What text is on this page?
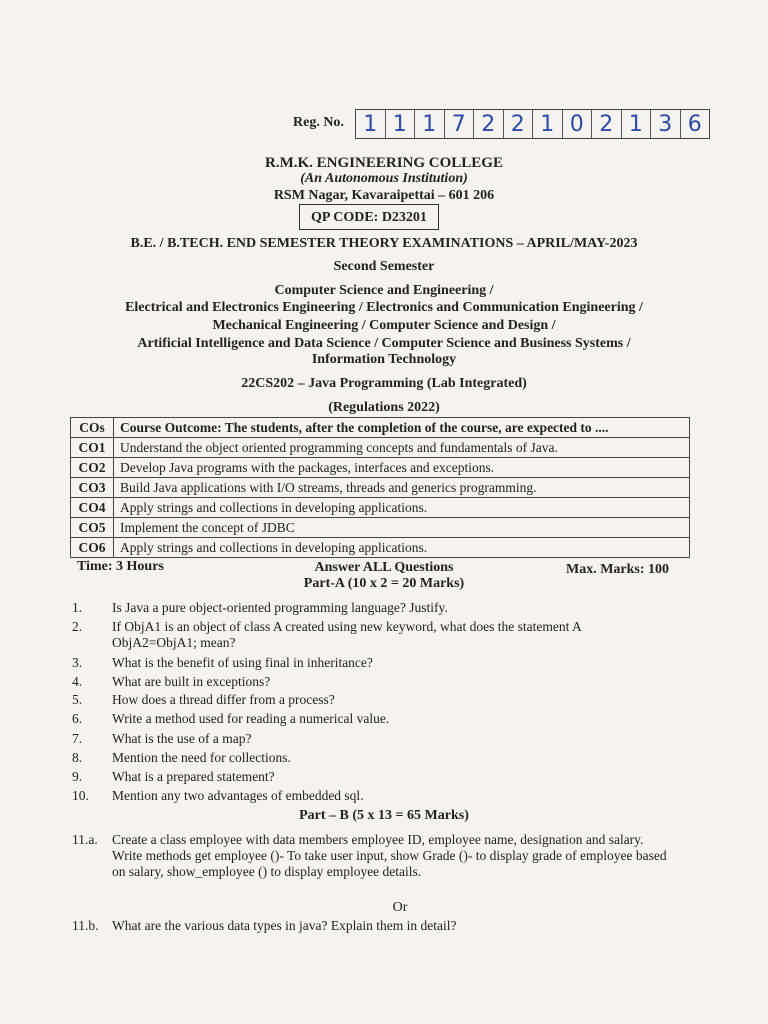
Reg. No. 1 1 1 7 2 2 1 0 2 1 3 6
R.M.K. ENGINEERING COLLEGE
(An Autonomous Institution)
RSM Nagar, Kavaraipettai – 601 206
QP CODE: D23201
B.E. / B.TECH. END SEMESTER THEORY EXAMINATIONS – APRIL/MAY-2023
Second Semester
Computer Science and Engineering /
Electrical and Electronics Engineering / Electronics and Communication Engineering /
Mechanical Engineering / Computer Science and Design /
Artificial Intelligence and Data Science / Computer Science and Business Systems /
Information Technology
22CS202 – Java Programming (Lab Integrated)
(Regulations 2022)
COs	Course Outcome: The students, after the completion of the course, are expected to ....
CO1	Understand the object oriented programming concepts and fundamentals of Java.
CO2	Develop Java programs with the packages, interfaces and exceptions.
CO3	Build Java applications with I/O streams, threads and generics programming.
CO4	Apply strings and collections in developing applications.
CO5	Implement the concept of JDBC
CO6	Apply strings and collections in developing applications.
Time: 3 Hours	Answer ALL Questions	Max. Marks: 100
Part-A (10 x 2 = 20 Marks)
1. Is Java a pure object-oriented programming language? Justify.
2. If ObjA1 is an object of class A created using new keyword, what does the statement A ObjA2=ObjA1; mean?
3. What is the benefit of using final in inheritance?
4. What are built in exceptions?
5. How does a thread differ from a process?
6. Write a method used for reading a numerical value.
7. What is the use of a map?
8. Mention the need for collections.
9. What is a prepared statement?
10. Mention any two advantages of embedded sql.
Part – B (5 x 13 = 65 Marks)
11.a. Create a class employee with data members employee ID, employee name, designation and salary. Write methods get employee ()- To take user input, show Grade ()- to display grade of employee based on salary, show_employee () to display employee details.
Or
11.b. What are the various data types in java? Explain them in detail?
